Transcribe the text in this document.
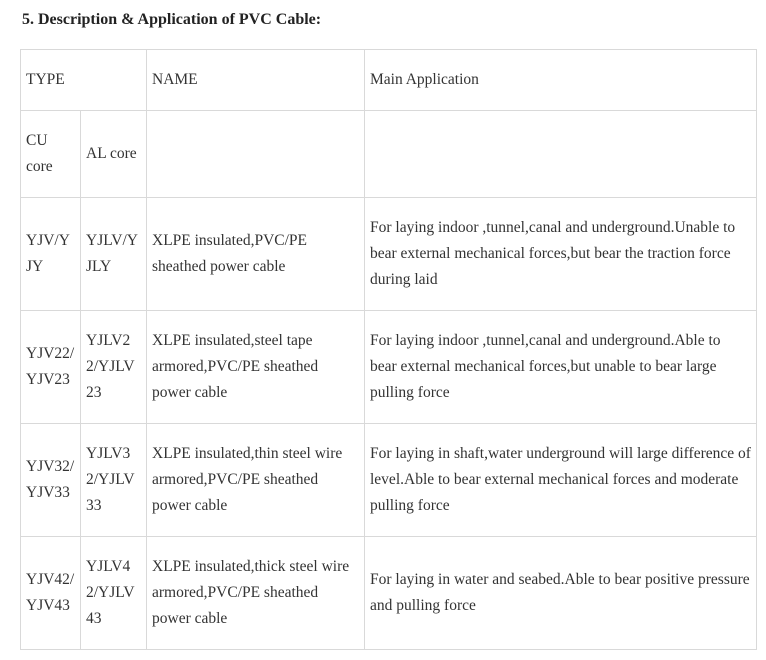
5. Description & Application of PVC Cable:
TYPE		NAME	Main Application
CU core	AL core		
YJV/YJY	YJLV/YJLY	XLPE insulated,PVC/PE sheathed power cable	For laying indoor ,tunnel,canal and underground.Unable to bear external mechanical forces,but bear the traction force during laid
YJV22/YJV23	YJLV22/YJLV23	XLPE insulated,steel tape armored,PVC/PE sheathed power cable	For laying indoor ,tunnel,canal and underground.Able to bear external mechanical forces,but unable to bear large pulling force
YJV32/YJV33	YJLV32/YJLV33	XLPE insulated,thin steel wire armored,PVC/PE sheathed power cable	For laying in shaft,water underground will large difference of level.Able to bear external mechanical forces and moderate pulling force
YJV42/YJV43	YJLV42/YJLV43	XLPE insulated,thick steel wire armored,PVC/PE sheathed power cable	For laying in water and seabed.Able to bear positive pressure and pulling force
